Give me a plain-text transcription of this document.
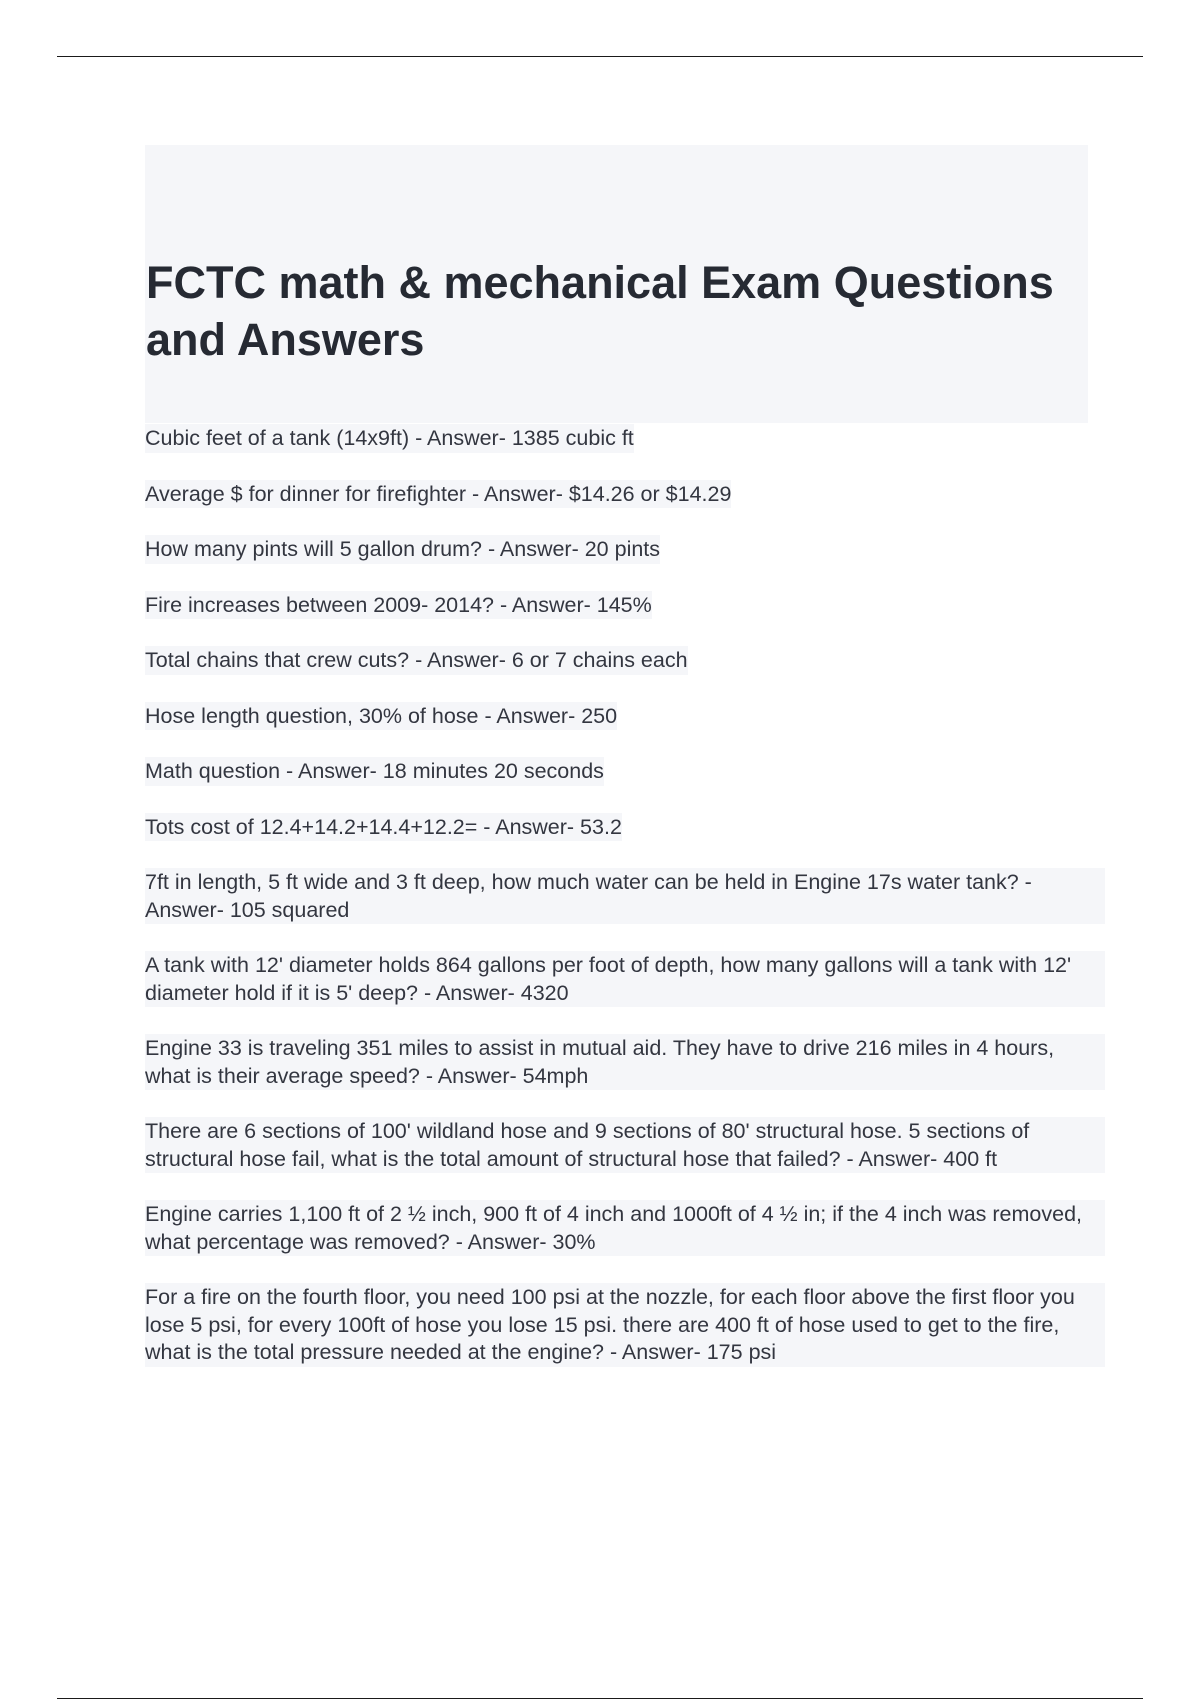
FCTC math & mechanical Exam Questions and Answers
Cubic feet of a tank (14x9ft) - Answer- 1385 cubic ft
Average $ for dinner for firefighter - Answer- $14.26 or $14.29
How many pints will 5 gallon drum? - Answer- 20 pints
Fire increases between 2009- 2014? - Answer- 145%
Total chains that crew cuts? - Answer- 6 or 7 chains each
Hose length question, 30% of hose - Answer- 250
Math question - Answer- 18 minutes 20 seconds
Tots cost of 12.4+14.2+14.4+12.2= - Answer- 53.2
7ft in length, 5 ft wide and 3 ft deep, how much water can be held in Engine 17s water tank? - Answer- 105 squared
A tank with 12' diameter holds 864 gallons per foot of depth, how many gallons will a tank with 12' diameter hold if it is 5' deep? - Answer- 4320
Engine 33 is traveling 351 miles to assist in mutual aid. They have to drive 216 miles in 4 hours, what is their average speed? - Answer- 54mph
There are 6 sections of 100' wildland hose and 9 sections of 80' structural hose. 5 sections of structural hose fail, what is the total amount of structural hose that failed? - Answer- 400 ft
Engine carries 1,100 ft of 2 ½ inch, 900 ft of 4 inch and 1000ft of 4 ½ in; if the 4 inch was removed, what percentage was removed? - Answer- 30%
For a fire on the fourth floor, you need 100 psi at the nozzle, for each floor above the first floor you lose 5 psi, for every 100ft of hose you lose 15 psi. there are 400 ft of hose used to get to the fire, what is the total pressure needed at the engine? - Answer- 175 psi
